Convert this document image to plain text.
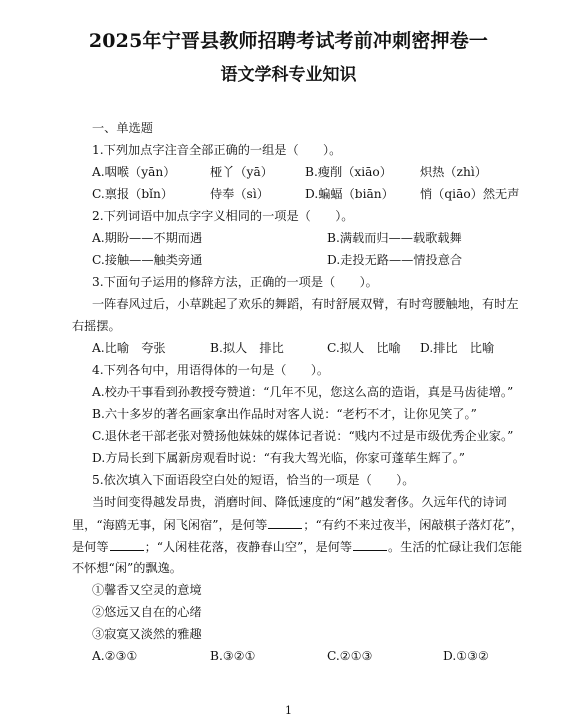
2025年宁晋县教师招聘考试考前冲刺密押卷一
语文学科专业知识
一、单选题
1.下列加点字注音全部正确的一组是（　　）。
A.咽喉（yān）	桠丫（yā）	B.瘦削（xiāo） 炽热（zhì）
C.禀报（bǐn）	侍奉（sì）	D.蝙蝠（biān） 悄（qiāo）然无声
2.下列词语中加点字字义相同的一项是（　　）。
A.期盼——不期而遇	B.满载而归——载歌载舞
C.接触——触类旁通	D.走投无路——情投意合
3.下面句子运用的修辞方法，正确的一项是（　　）。
一阵春风过后，小草跳起了欢乐的舞蹈，有时舒展双臂，有时弯腰触地，有时左
右摇摆。
A.比喻　夸张	B.拟人　排比	C.拟人　比喻 D.排比　比喻
4.下列各句中，用语得体的一句是（　　）。
A.校办干事看到孙教授夸赞道：“几年不见，您这么高的造诣，真是马齿徒增。”
B.六十多岁的著名画家拿出作品时对客人说：“老朽不才，让你见笑了。”
C.退休老干部老张对赞扬他妹妹的媒体记者说：“贱内不过是市级优秀企业家。”
D.方局长到下属新房观看时说：“有我大驾光临，你家可蓬荜生辉了。”
5.依次填入下面语段空白处的短语，恰当的一项是（　　）。
当时间变得越发昂贵，消磨时间、降低速度的“闲”越发奢侈。久远年代的诗词
里，“海鸥无事，闲飞闲宿”，是何等	；“有约不来过夜半，闲敲棋子落灯花”，
是何等	；“人闲桂花落，夜静春山空”，是何等	。生活的忙碌让我们怎能
不怀想“闲”的飘逸。
①馨香又空灵的意境
②悠远又自在的心绪
③寂寞又淡然的雅趣
A.②③①	B.③②①	C.②①③	D.①③②
1
